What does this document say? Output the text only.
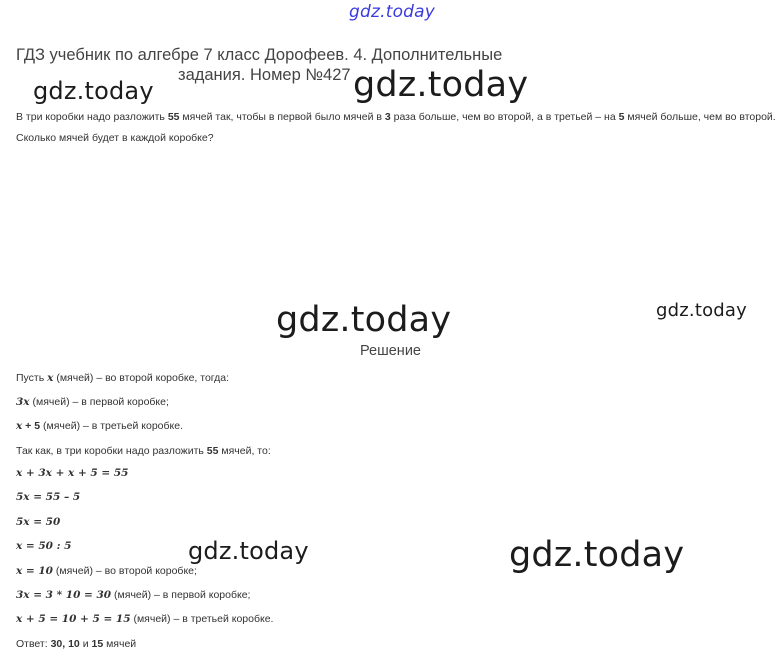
gdz.today
ГДЗ учебник по алгебре 7 класс Дорофеев. 4. Дополнительные
задания. Номер №427
gdz.today	gdz.today
В три коробки надо разложить 55 мячей так, чтобы в первой было мячей в 3 раза больше, чем во второй, а в третьей – на 5 мячей больше, чем во второй. Сколько мячей будет в каждой коробке?
gdz.today	gdz.today
Решение
Пусть x (мячей) – во второй коробке, тогда:
3x (мячей) – в первой коробке;
x + 5 (мячей) – в третьей коробке.
Так как, в три коробки надо разложить 55 мячей, то:
x + 3x + x + 5 = 55
5x = 55 – 5
5x = 50
x = 50 : 5
x = 10 (мячей) – во второй коробке;
3x = 3 * 10 = 30 (мячей) – в первой коробке;
x + 5 = 10 + 5 = 15 (мячей) – в третьей коробке.
Ответ: 30, 10 и 15 мячей
gdz.today	gdz.today
